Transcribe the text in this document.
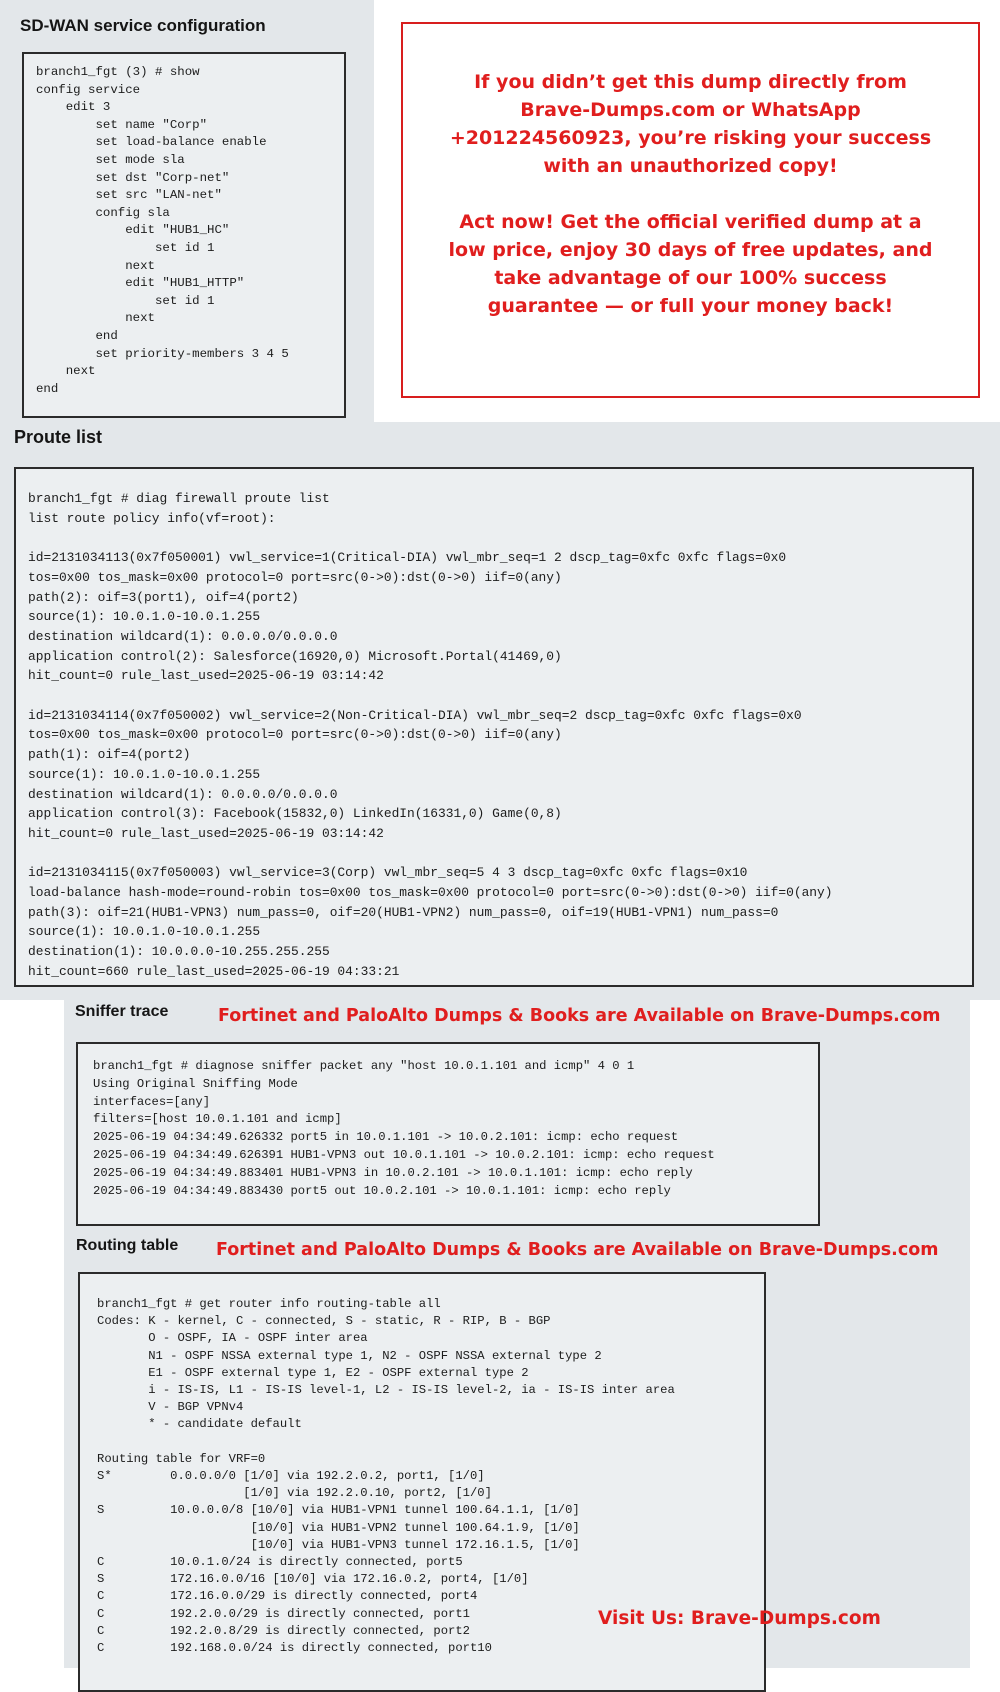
SD-WAN service configuration
branch1_fgt (3) # show
config service
edit 3
set name "Corp"
set load-balance enable
set mode sla
set dst "Corp-net"
set src "LAN-net"
config sla
edit "HUB1_HC"
set id 1
next
edit "HUB1_HTTP"
set id 1
next
end
set priority-members 3 4 5
next
end

If you didn’t get this dump directly from Brave-Dumps.com or WhatsApp +201224560923, you’re risking your success with an unauthorized copy!

Act now! Get the official verified dump at a low price, enjoy 30 days of free updates, and take advantage of our 100% success guarantee — or full your money back!

Proute list
branch1_fgt # diag firewall proute list
list route policy info(vf=root):

id=2131034113(0x7f050001) vwl_service=1(Critical-DIA) vwl_mbr_seq=1 2 dscp_tag=0xfc 0xfc flags=0x0
tos=0x00 tos_mask=0x00 protocol=0 port=src(0->0):dst(0->0) iif=0(any)
path(2): oif=3(port1), oif=4(port2)
source(1): 10.0.1.0-10.0.1.255
destination wildcard(1): 0.0.0.0/0.0.0.0
application control(2): Salesforce(16920,0) Microsoft.Portal(41469,0)
hit_count=0 rule_last_used=2025-06-19 03:14:42

id=2131034114(0x7f050002) vwl_service=2(Non-Critical-DIA) vwl_mbr_seq=2 dscp_tag=0xfc 0xfc flags=0x0
tos=0x00 tos_mask=0x00 protocol=0 port=src(0->0):dst(0->0) iif=0(any)
path(1): oif=4(port2)
source(1): 10.0.1.0-10.0.1.255
destination wildcard(1): 0.0.0.0/0.0.0.0
application control(3): Facebook(15832,0) LinkedIn(16331,0) Game(0,8)
hit_count=0 rule_last_used=2025-06-19 03:14:42

id=2131034115(0x7f050003) vwl_service=3(Corp) vwl_mbr_seq=5 4 3 dscp_tag=0xfc 0xfc flags=0x10
load-balance hash-mode=round-robin tos=0x00 tos_mask=0x00 protocol=0 port=src(0->0):dst(0->0) iif=0(any)
path(3): oif=21(HUB1-VPN3) num_pass=0, oif=20(HUB1-VPN2) num_pass=0, oif=19(HUB1-VPN1) num_pass=0
source(1): 10.0.1.0-10.0.1.255
destination(1): 10.0.0.0-10.255.255.255
hit_count=660 rule_last_used=2025-06-19 04:33:21
Sniffer trace	Fortinet and PaloAlto Dumps & Books are Available on Brave-Dumps.com
branch1_fgt # diagnose sniffer packet any "host 10.0.1.101 and icmp" 4 0 1
Using Original Sniffing Mode
interfaces=[any]
filters=[host 10.0.1.101 and icmp]
2025-06-19 04:34:49.626332 port5 in 10.0.1.101 -> 10.0.2.101: icmp: echo request
2025-06-19 04:34:49.626391 HUB1-VPN3 out 10.0.1.101 -> 10.0.2.101: icmp: echo request
2025-06-19 04:34:49.883401 HUB1-VPN3 in 10.0.2.101 -> 10.0.1.101: icmp: echo reply
2025-06-19 04:34:49.883430 port5 out 10.0.2.101 -> 10.0.1.101: icmp: echo reply
Routing table Fortinet and PaloAlto Dumps & Books are Available on Brave-Dumps.com
branch1_fgt # get router info routing-table all
Codes: K - kernel, C - connected, S - static, R - RIP, B - BGP
O - OSPF, IA - OSPF inter area
N1 - OSPF NSSA external type 1, N2 - OSPF NSSA external type 2
E1 - OSPF external type 1, E2 - OSPF external type 2
i - IS-IS, L1 - IS-IS level-1, L2 - IS-IS level-2, ia - IS-IS inter area
V - BGP VPNv4
* - candidate default

Routing table for VRF=0
S*        0.0.0.0/0 [1/0] via 192.2.0.2, port1, [1/0]
[1/0] via 192.2.0.10, port2, [1/0]
S         10.0.0.0/8 [10/0] via HUB1-VPN1 tunnel 100.64.1.1, [1/0]
[10/0] via HUB1-VPN2 tunnel 100.64.1.9, [1/0]
[10/0] via HUB1-VPN3 tunnel 172.16.1.5, [1/0]
C         10.0.1.0/24 is directly connected, port5
S         172.16.0.0/16 [10/0] via 172.16.0.2, port4, [1/0]
C         172.16.0.0/29 is directly connected, port4
C         192.2.0.0/29 is directly connected, port1
C         192.2.0.8/29 is directly connected, port2
C         192.168.0.0/24 is directly connected, port10
Visit Us: Brave-Dumps.com
